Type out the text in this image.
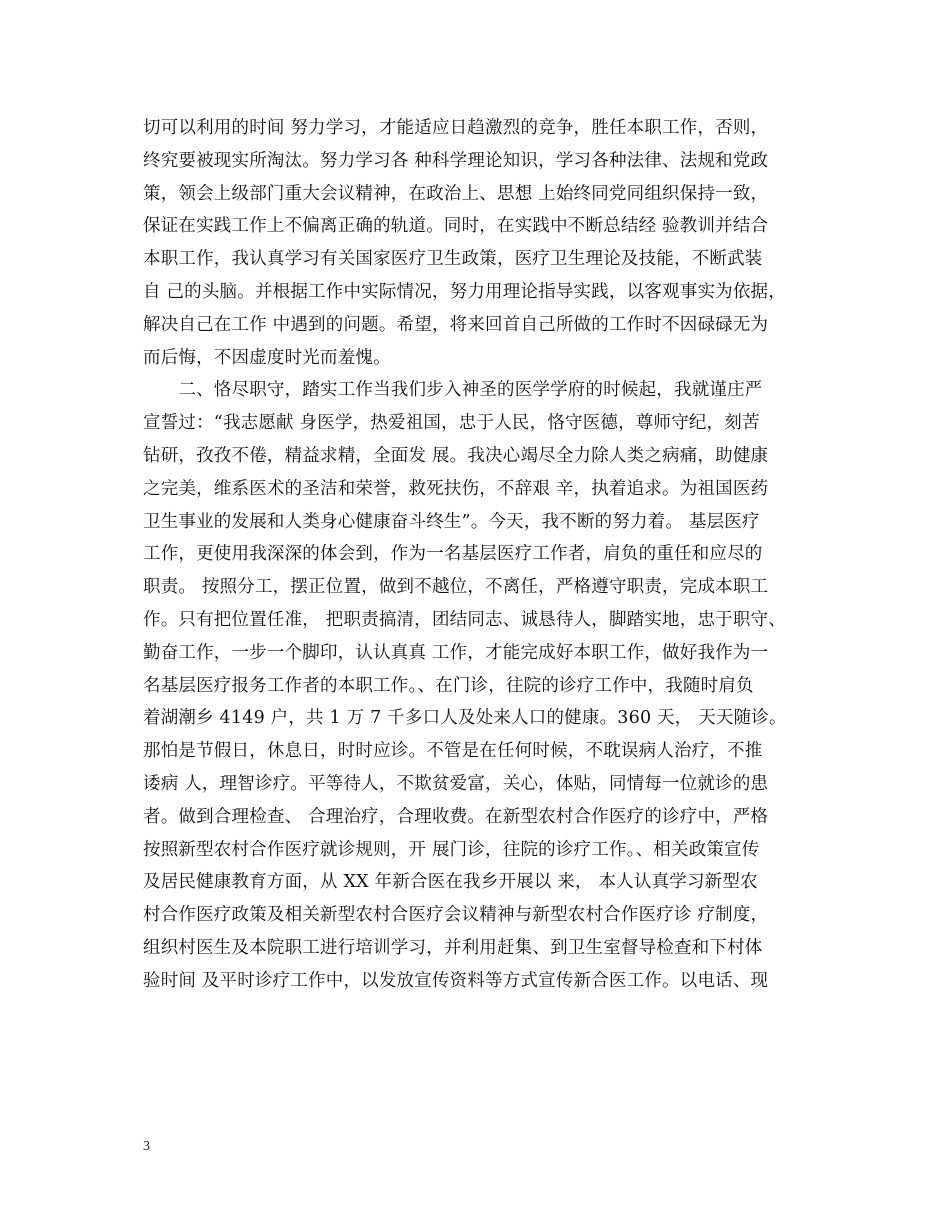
切可以利用的时间 努力学习，才能适应日趋激烈的竞争，胜任本职工作，否则，
终究要被现实所淘汰。努力学习各 种科学理论知识，学习各种法律、法规和党政
策，领会上级部门重大会议精神，在政治上、思想 上始终同党同组织保持一致，
保证在实践工作上不偏离正确的轨道。同时，在实践中不断总结经 验教训并结合
本职工作，我认真学习有关国家医疗卫生政策，医疗卫生理论及技能，不断武装
自 己的头脑。并根据工作中实际情况，努力用理论指导实践，以客观事实为依据，
解决自己在工作 中遇到的问题。希望，将来回首自己所做的工作时不因碌碌无为
而后悔，不因虚度时光而羞愧。
　　二、恪尽职守，踏实工作当我们步入神圣的医学学府的时候起，我就谨庄严
宣誓过：“我志愿献 身医学，热爱祖国，忠于人民，恪守医德，尊师守纪，刻苦
钻研，孜孜不倦，精益求精，全面发 展。我决心竭尽全力除人类之病痛，助健康
之完美，维系医术的圣洁和荣誉，救死扶伤，不辞艰 辛，执着追求。为祖国医药
卫生事业的发展和人类身心健康奋斗终生”。今天，我不断的努力着。 基层医疗
工作，更使用我深深的体会到，作为一名基层医疗工作者，肩负的重任和应尽的
职责。 按照分工，摆正位置，做到不越位，不离任，严格遵守职责，完成本职工
作。只有把位置任准， 把职责搞清，团结同志、诚恳待人，脚踏实地，忠于职守、
勤奋工作，一步一个脚印，认认真真 工作，才能完成好本职工作，做好我作为一
名基层医疗报务工作者的本职工作。、在门诊，往院的诊疗工作中，我随时肩负
着湖潮乡 4149 户，共 1 万 7 千多口人及处来人口的健康。360 天， 天天随诊。
那怕是节假日，休息日，时时应诊。不管是在任何时候，不耽误病人治疗，不推
诿病 人，理智诊疗。平等待人，不欺贫爱富，关心，体贴，同情每一位就诊的患
者。做到合理检查、 合理治疗，合理收费。在新型农村合作医疗的诊疗中，严格
按照新型农村合作医疗就诊规则，开 展门诊，往院的诊疗工作。、相关政策宣传
及居民健康教育方面，从 XX 年新合医在我乡开展以 来， 本人认真学习新型农
村合作医疗政策及相关新型农村合医疗会议精神与新型农村合作医疗诊 疗制度，
组织村医生及本院职工进行培训学习，并利用赶集、到卫生室督导检查和下村体
验时间 及平时诊疗工作中，以发放宣传资料等方式宣传新合医工作。以电话、现
3
